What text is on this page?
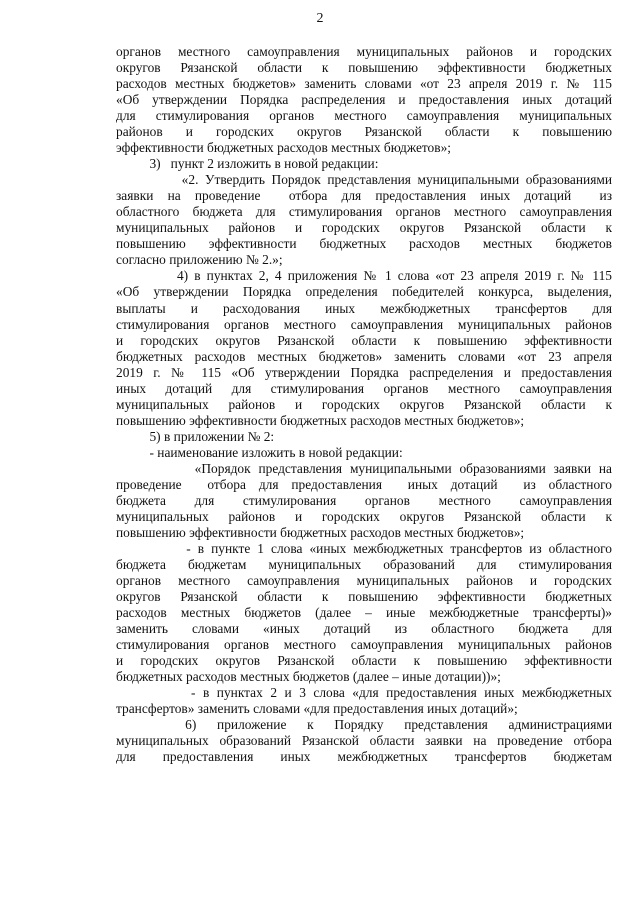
2
органов местного самоуправления муниципальных районов и городских
округов Рязанской области к повышению эффективности бюджетных
расходов местных бюджетов» заменить словами «от 23 апреля 2019 г. № 115
«Об утверждении Порядка распределения и предоставления иных дотаций
для стимулирования органов местного самоуправления муниципальных
районов и городских округов Рязанской области к повышению
эффективности бюджетных расходов местных бюджетов»;
3)   пункт 2 изложить в новой редакции:
«2. Утвердить Порядок представления муниципальными образованиями
заявки на проведение  отбора для предоставления иных дотаций  из
областного бюджета для стимулирования органов местного самоуправления
муниципальных районов и городских округов Рязанской области к
повышению эффективности бюджетных расходов местных бюджетов
согласно приложению № 2.»;
4) в пунктах 2, 4 приложения № 1 слова «от 23 апреля 2019 г. № 115
«Об утверждении Порядка определения победителей конкурса, выделения,
выплаты и расходования иных межбюджетных трансфертов для
стимулирования органов местного самоуправления муниципальных районов
и городских округов Рязанской области к повышению эффективности
бюджетных расходов местных бюджетов» заменить словами «от 23 апреля
2019 г. № 115 «Об утверждении Порядка распределения и предоставления
иных дотаций для стимулирования органов местного самоуправления
муниципальных районов и городских округов Рязанской области к
повышению эффективности бюджетных расходов местных бюджетов»;
5) в приложении № 2:
- наименование изложить в новой редакции:
«Порядок представления муниципальными образованиями заявки на
проведение  отбора для предоставления  иных дотаций  из областного
бюджета для стимулирования органов местного самоуправления
муниципальных районов и городских округов Рязанской области к
повышению эффективности бюджетных расходов местных бюджетов»;
- в пункте 1 слова «иных межбюджетных трансфертов из областного
бюджета бюджетам муниципальных образований для стимулирования
органов местного самоуправления муниципальных районов и городских
округов Рязанской области к повышению эффективности бюджетных
расходов местных бюджетов (далее – иные межбюджетные трансферты)»
заменить словами «иных дотаций из областного бюджета для
стимулирования органов местного самоуправления муниципальных районов
и городских округов Рязанской области к повышению эффективности
бюджетных расходов местных бюджетов (далее – иные дотации))»;
- в пунктах 2 и 3 слова «для предоставления иных межбюджетных
трансфертов» заменить словами «для предоставления иных дотаций»;
6)   приложение   к   Порядку   представления   администрациями
муниципальных образований Рязанской области заявки на проведение отбора
для предоставления иных межбюджетных трансфертов бюджетам
